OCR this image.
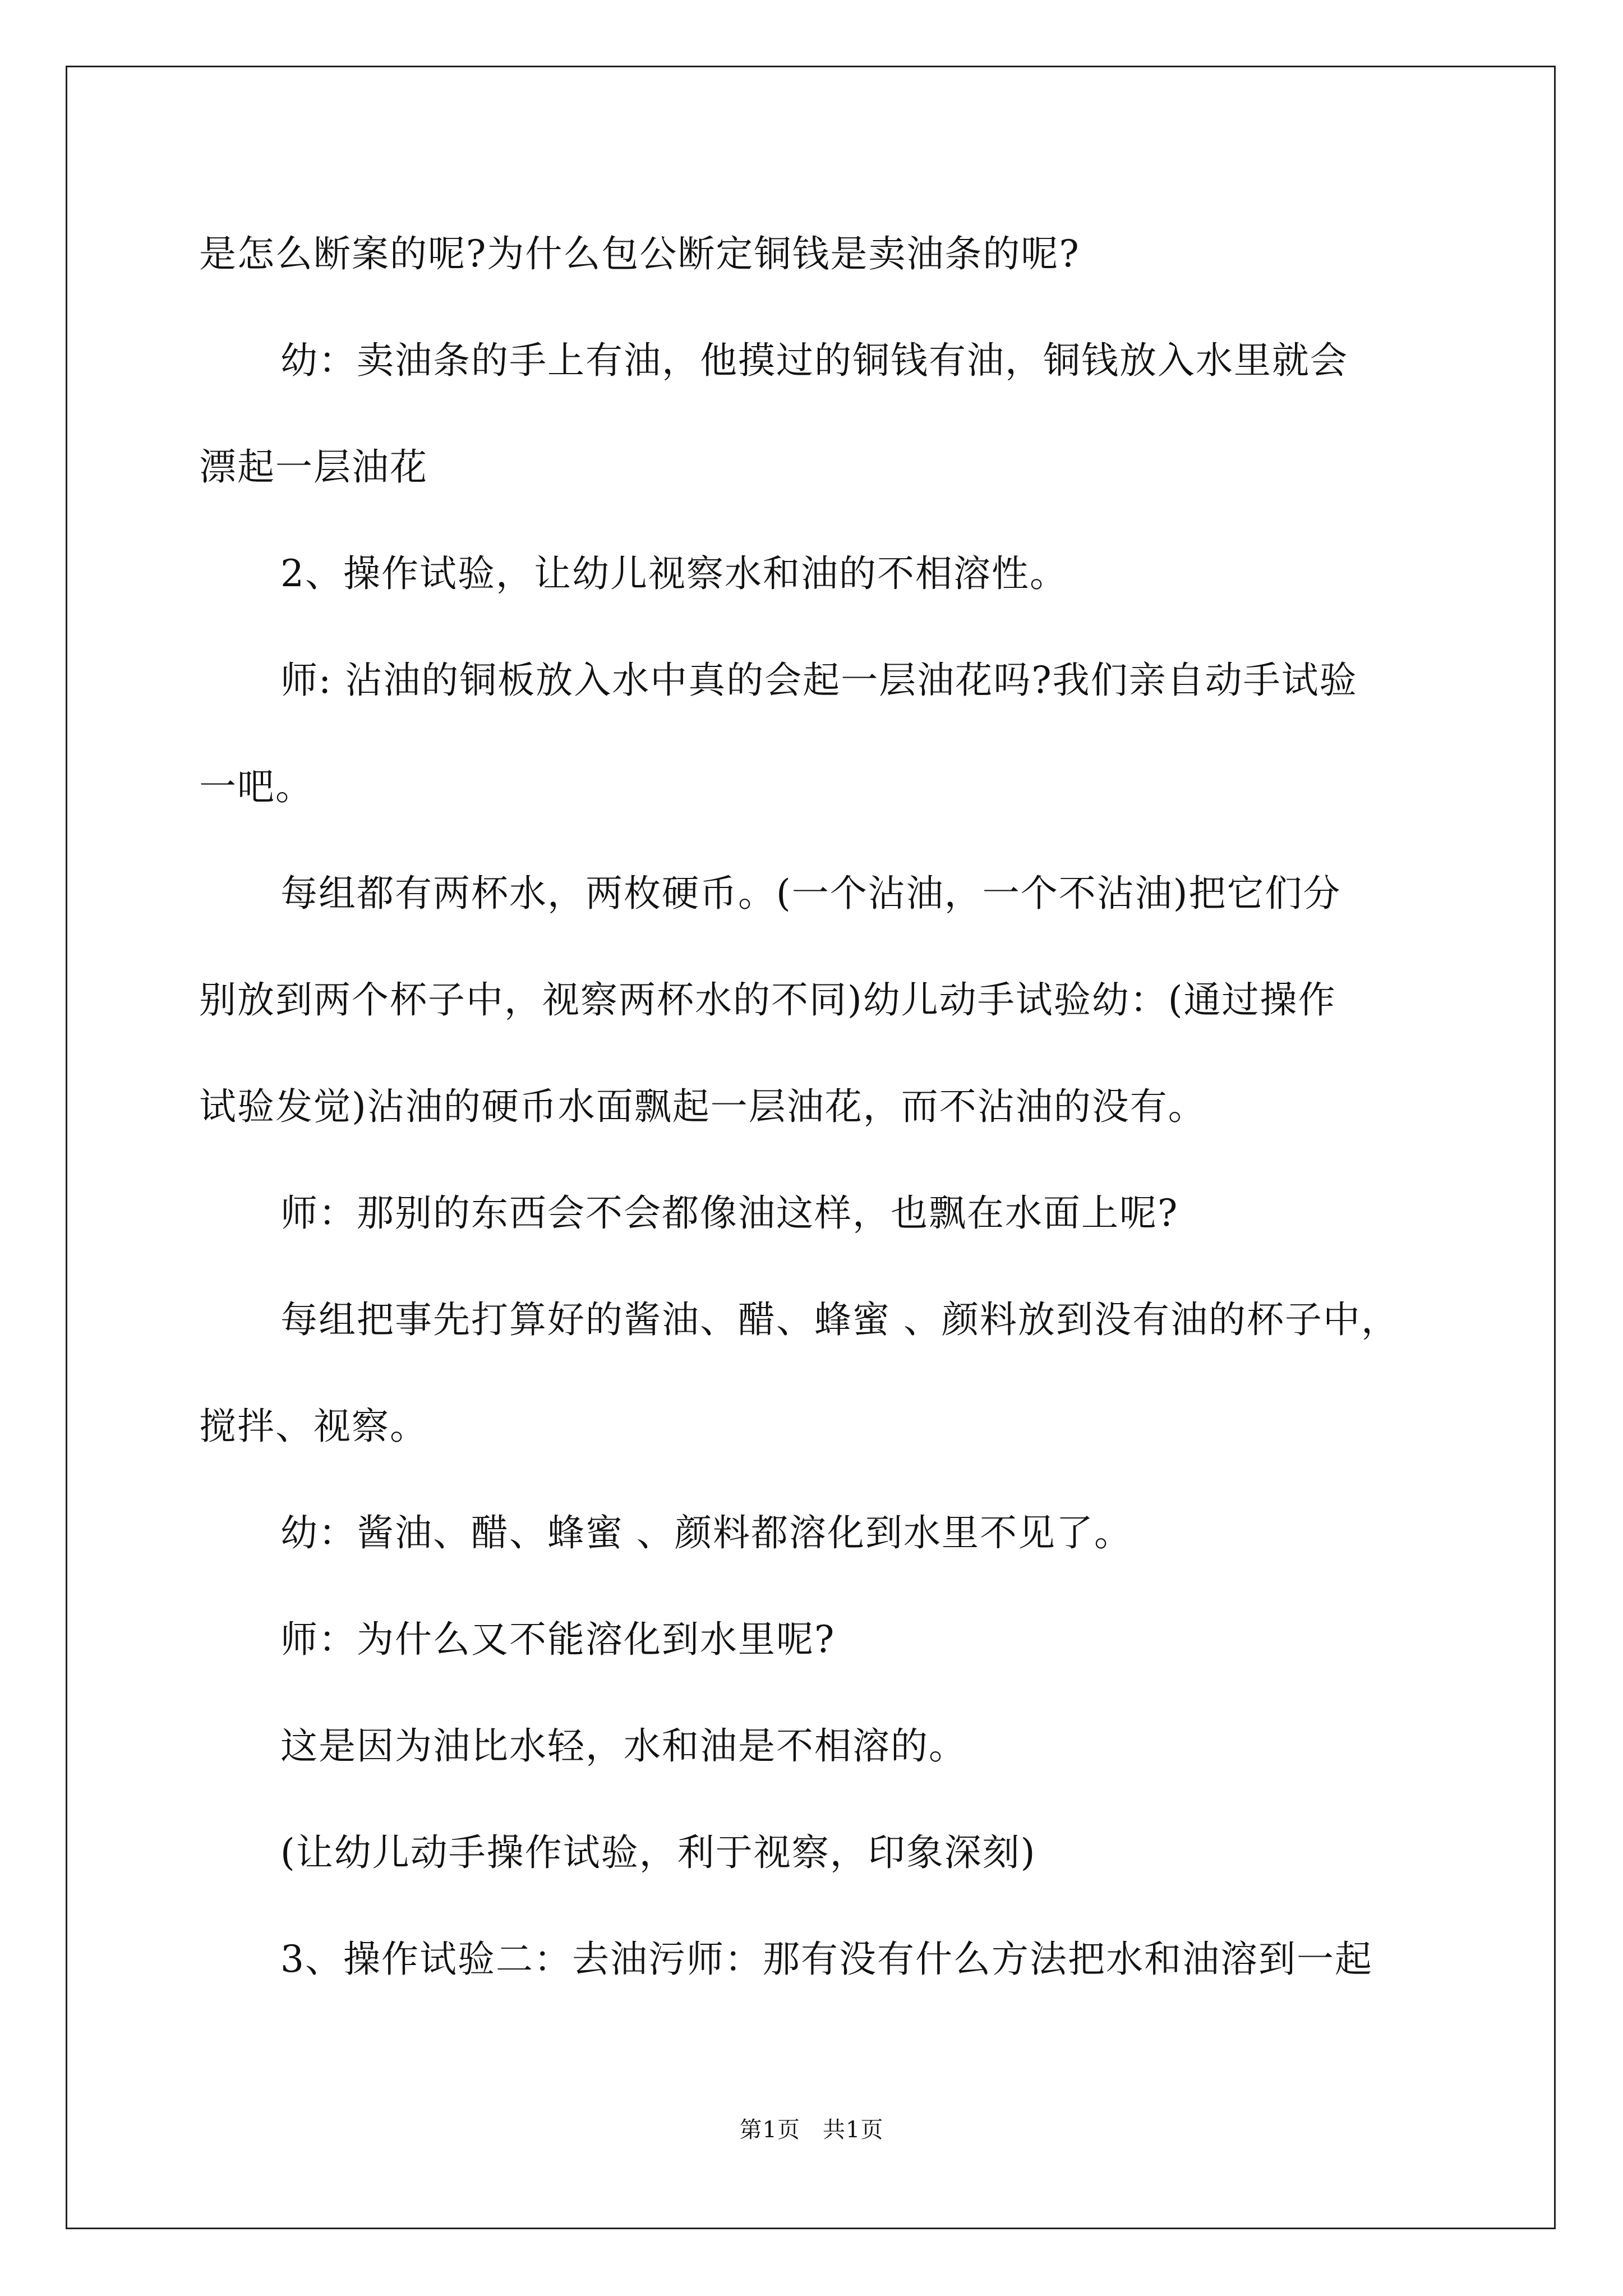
是怎么断案的呢?为什么包公断定铜钱是卖油条的呢?
幼：卖油条的手上有油，他摸过的铜钱有油，铜钱放入水里就会
漂起一层油花
2、操作试验，让幼儿视察水和油的不相溶性。
师: 沾油的铜板放入水中真的会起一层油花吗?我们亲自动手试验
一吧。
每组都有两杯水，两枚硬币。(一个沾油，一个不沾油)把它们分
别放到两个杯子中，视察两杯水的不同)幼儿动手试验幼：(通过操作
试验发觉)沾油的硬币水面飘起一层油花，而不沾油的没有。
师：那别的东西会不会都像油这样，也飘在水面上呢?
每组把事先打算好的酱油、醋、蜂蜜 、颜料放到没有油的杯子中，
搅拌、视察。
幼：酱油、醋、蜂蜜 、颜料都溶化到水里不见了。
师：为什么又不能溶化到水里呢?
这是因为油比水轻，水和油是不相溶的。
(让幼儿动手操作试验，利于视察，印象深刻)
3、操作试验二：去油污师：那有没有什么方法把水和油溶到一起
第1页 共1页
